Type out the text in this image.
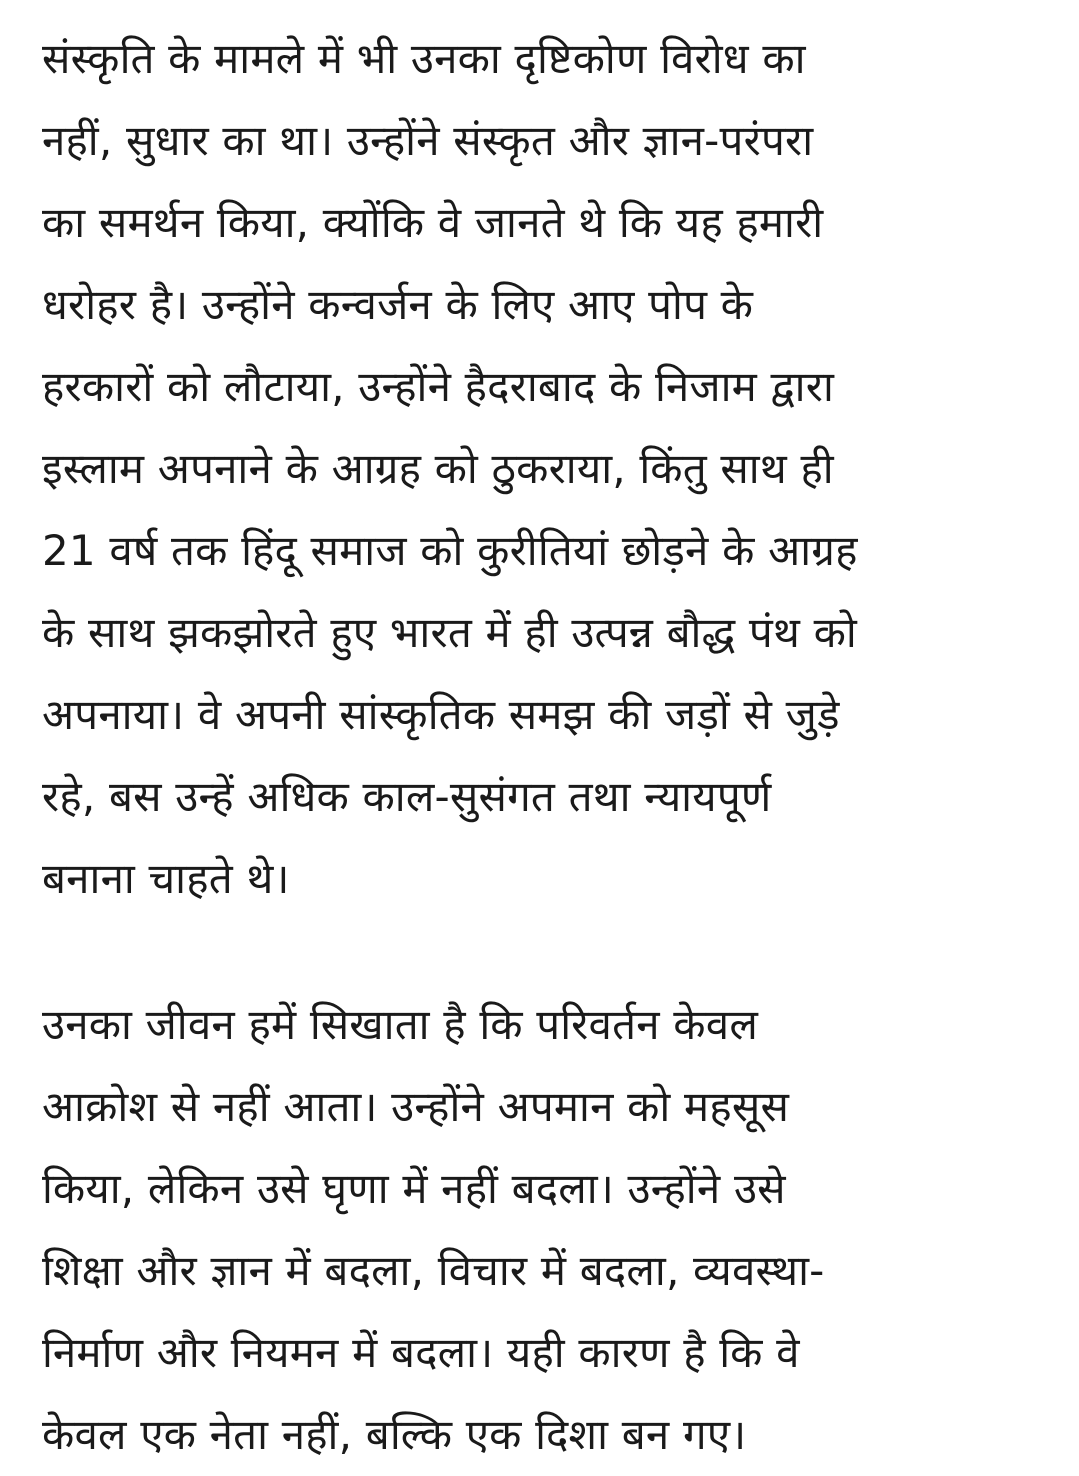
संस्कृति के मामले में भी उनका दृष्टिकोण विरोध का
नहीं, सुधार का था। उन्होंने संस्कृत और ज्ञान-परंपरा
का समर्थन किया, क्योंकि वे जानते थे कि यह हमारी
धरोहर है। उन्होंने कन्वर्जन के लिए आए पोप के
हरकारों को लौटाया, उन्होंने हैदराबाद के निजाम द्वारा
इस्लाम अपनाने के आग्रह को ठुकराया, किंतु साथ ही
21 वर्ष तक हिंदू समाज को कुरीतियां छोड़ने के आग्रह
के साथ झकझोरते हुए भारत में ही उत्पन्न बौद्ध पंथ को
अपनाया। वे अपनी सांस्कृतिक समझ की जड़ों से जुड़े
रहे, बस उन्हें अधिक काल-सुसंगत तथा न्यायपूर्ण
बनाना चाहते थे।
उनका जीवन हमें सिखाता है कि परिवर्तन केवल
आक्रोश से नहीं आता। उन्होंने अपमान को महसूस
किया, लेकिन उसे घृणा में नहीं बदला। उन्होंने उसे
शिक्षा और ज्ञान में बदला, विचार में बदला, व्यवस्था-
निर्माण और नियमन में बदला। यही कारण है कि वे
केवल एक नेता नहीं, बल्कि एक दिशा बन गए।
